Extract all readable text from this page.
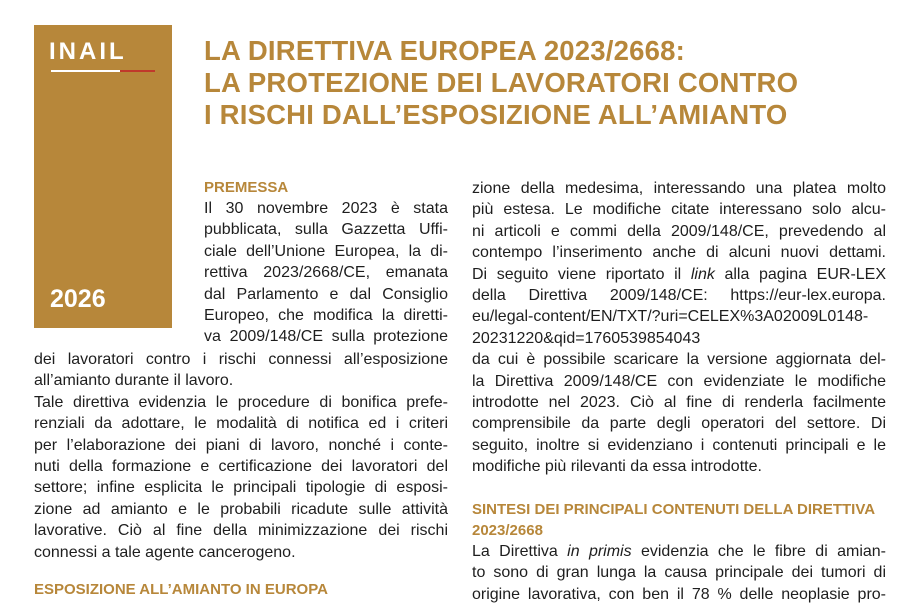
INAIL
2026
LA DIRETTIVA EUROPEA 2023/2668:
LA PROTEZIONE DEI LAVORATORI CONTRO
I RISCHI DALL’ESPOSIZIONE ALL’AMIANTO
PREMESSA
Il 30 novembre 2023 è stata
pubblicata, sulla Gazzetta Uffi-
ciale dell’Unione Europea, la di-
rettiva 2023/2668/CE, emanata
dal Parlamento e dal Consiglio
Europeo, che modifica la diretti-
va 2009/148/CE sulla protezione
dei lavoratori contro i rischi connessi all’esposizione
all’amianto durante il lavoro.
Tale direttiva evidenzia le procedure di bonifica prefe-
renziali da adottare, le modalità di notifica ed i criteri
per l’elaborazione dei piani di lavoro, nonché i conte-
nuti della formazione e certificazione dei lavoratori del
settore; infine esplicita le principali tipologie di esposi-
zione ad amianto e le probabili ricadute sulle attività
lavorative. Ciò al fine della minimizzazione dei rischi
connessi a tale agente cancerogeno.
ESPOSIZIONE ALL’AMIANTO IN EUROPA
zione della medesima, interessando una platea molto
più estesa. Le modifiche citate interessano solo alcu-
ni articoli e commi della 2009/148/CE, prevedendo al
contempo l’inserimento anche di alcuni nuovi dettami.
Di seguito viene riportato il link alla pagina EUR-LEX
della Direttiva 2009/148/CE: https://eur-lex.europa.
eu/legal-content/EN/TXT/?uri=CELEX%3A02009L0148-
20231220&qid=1760539854043
da cui è possibile scaricare la versione aggiornata del-
la Direttiva 2009/148/CE con evidenziate le modifiche
introdotte nel 2023. Ciò al fine di renderla facilmente
comprensibile da parte degli operatori del settore. Di
seguito, inoltre si evidenziano i contenuti principali e le
modifiche più rilevanti da essa introdotte.
SINTESI DEI PRINCIPALI CONTENUTI DELLA DIRETTIVA
2023/2668
La Direttiva in primis evidenzia che le fibre di amian-
to sono di gran lunga la causa principale dei tumori di
origine lavorativa, con ben il 78 % delle neoplasie pro-
